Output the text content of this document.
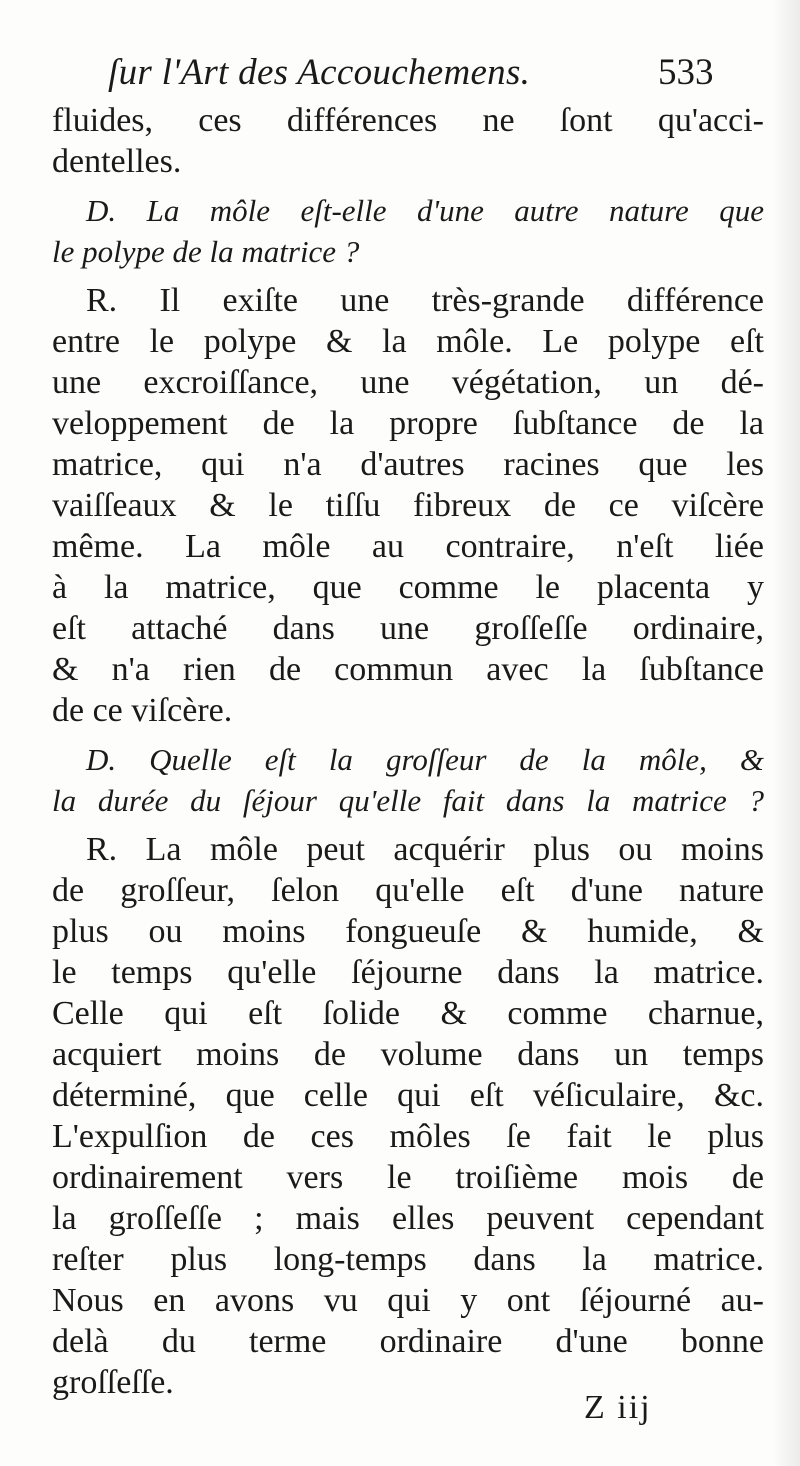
ſur l'Art des Accouchemens.	533
fluides, ces différences ne ſont qu'acci-
dentelles.
D. La môle eſt-elle d'une autre nature que
le polype de la matrice ?
R. Il exiſte une très-grande différence
entre le polype & la môle. Le polype eſt
une excroiſſance, une végétation, un dé-
veloppement de la propre ſubſtance de la
matrice, qui n'a d'autres racines que les
vaiſſeaux & le tiſſu fibreux de ce viſcère
même. La môle au contraire, n'eſt liée
à la matrice, que comme le placenta y
eſt attaché dans une groſſeſſe ordinaire,
& n'a rien de commun avec la ſubſtance
de ce viſcère.
D. Quelle eſt la groſſeur de la môle, &
la durée du ſéjour qu'elle fait dans la matrice ?
R. La môle peut acquérir plus ou moins
de groſſeur, ſelon qu'elle eſt d'une nature
plus ou moins fongueuſe & humide, &
le temps qu'elle ſéjourne dans la matrice.
Celle qui eſt ſolide & comme charnue,
acquiert moins de volume dans un temps
déterminé, que celle qui eſt véſiculaire, &c.
L'expulſion de ces môles ſe fait le plus
ordinairement vers le troiſième mois de
la groſſeſſe ; mais elles peuvent cependant
reſter plus long-temps dans la matrice.
Nous en avons vu qui y ont ſéjourné au-
delà du terme ordinaire d'une bonne
groſſeſſe.
Z iij
